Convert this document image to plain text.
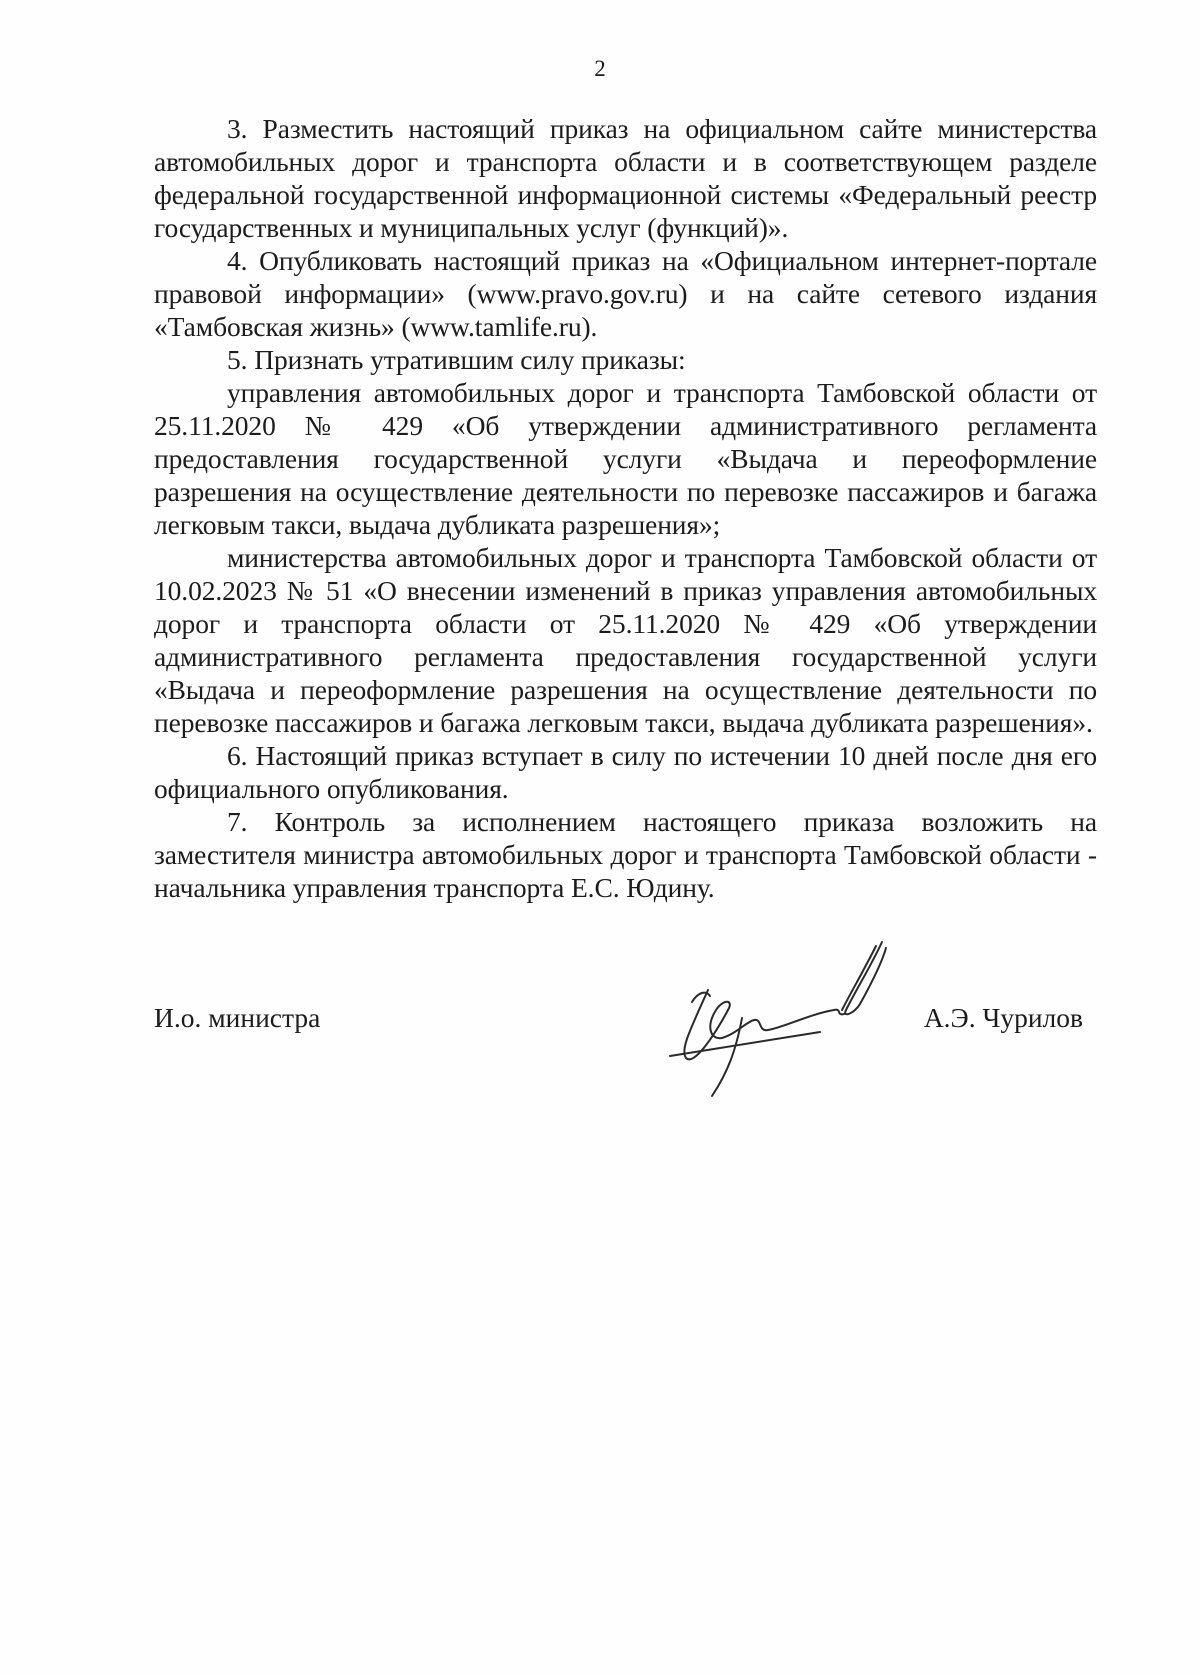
2

3. Разместить настоящий приказ на официальном сайте министерства автомобильных дорог и транспорта области и в соответствующем разделе федеральной государственной информационной системы «Федеральный реестр государственных и муниципальных услуг (функций)».

4. Опубликовать настоящий приказ на «Официальном интернет-портале правовой информации» (www.pravo.gov.ru) и на сайте сетевого издания «Тамбовская жизнь» (www.tamlife.ru).

5. Признать утратившим силу приказы:

управления автомобильных дорог и транспорта Тамбовской области от 25.11.2020 № 429 «Об утверждении административного регламента предоставления государственной услуги «Выдача и переоформление разрешения на осуществление деятельности по перевозке пассажиров и багажа легковым такси, выдача дубликата разрешения»;

министерства автомобильных дорог и транспорта Тамбовской области от 10.02.2023 № 51 «О внесении изменений в приказ управления автомобильных дорог и транспорта области от 25.11.2020 № 429 «Об утверждении административного регламента предоставления государственной услуги «Выдача и переоформление разрешения на осуществление деятельности по перевозке пассажиров и багажа легковым такси, выдача дубликата разрешения».

6. Настоящий приказ вступает в силу по истечении 10 дней после дня его официального опубликования.

7. Контроль за исполнением настоящего приказа возложить на заместителя министра автомобильных дорог и транспорта Тамбовской области - начальника управления транспорта Е.С. Юдину.

И.о. министра	А.Э. Чурилов
